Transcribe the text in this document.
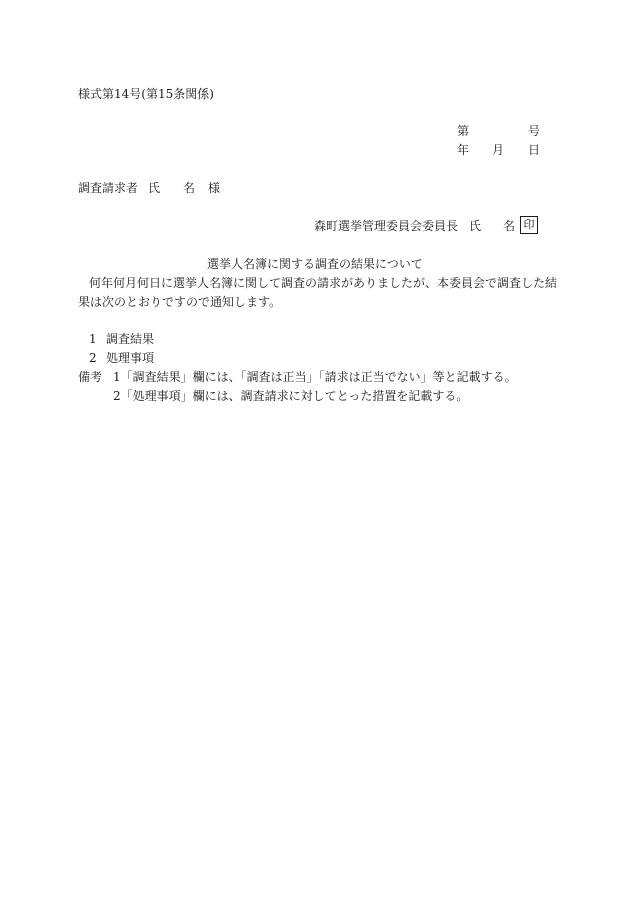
様式第14号(第15条関係)
第	号
年 月 日
調査請求者 氏 名 様
森町選挙管理委員会委員長 氏 名 印
選挙人名簿に関する調査の結果について
何年何月何日に選挙人名簿に関して調査の請求がありましたが、本委員会で調査した結
果は次のとおりですので通知します。
1 調査結果
2 処理事項
備考 1「調査結果」欄には、「調査は正当」「請求は正当でない」等と記載する。
2「処理事項」欄には、調査請求に対してとった措置を記載する。
